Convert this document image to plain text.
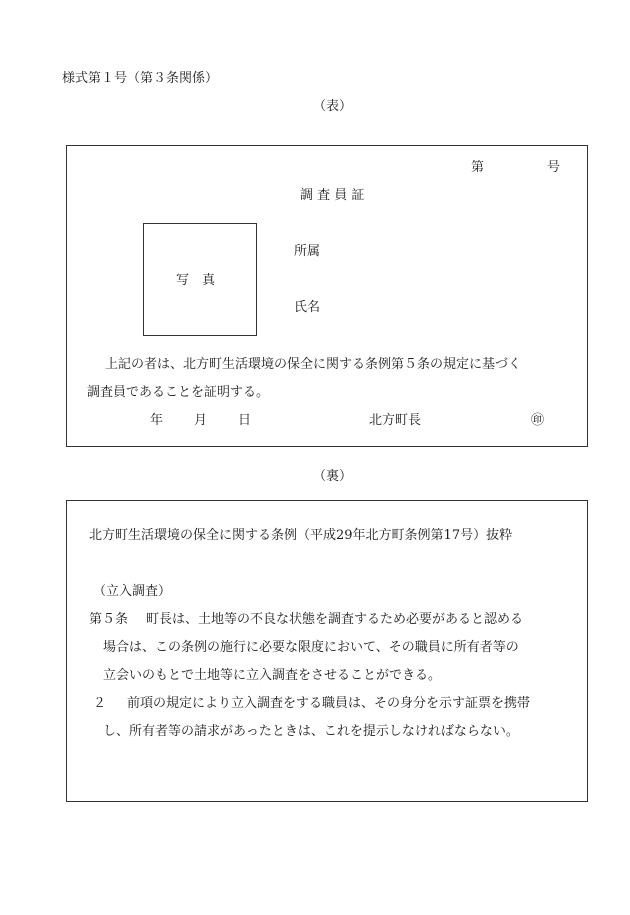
様式第１号（第３条関係）
（表）
第	号
調 査 員 証
写　真
所属
氏名
上記の者は、北方町生活環境の保全に関する条例第５条の規定に基づく
調査員であることを証明する。
年 月 日	北方町長	㊞
（裏）
北方町生活環境の保全に関する条例（平成29年北方町条例第17号）抜粋
（立入調査）
第５条 町長は、土地等の不良な状態を調査するため必要があると認める
場合は、この条例の施行に必要な限度において、その職員に所有者等の
立会いのもとで土地等に立入調査をさせることができる。
２ 前項の規定により立入調査をする職員は、その身分を示す証票を携帯
し、所有者等の請求があったときは、これを提示しなければならない。
